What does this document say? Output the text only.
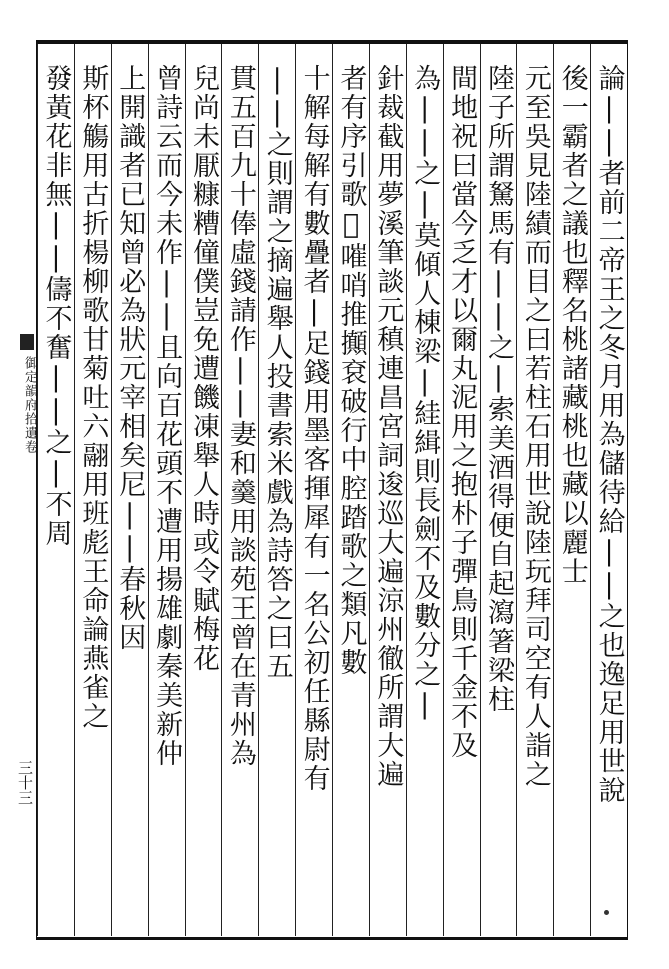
御定韻府拾遺卷
三十三	論||者前二帝王之冬月用為儲待給||之也逸足用世說
後一霸者之議也釋名桃諸藏桃也藏以麗士
元至吳見陸績而目之曰若柱石用世說陸玩拜司空有人詣之
陸子所謂駑馬有||之|索美酒得便自起瀉箸梁柱
間地祝曰當今乏才以爾丸泥用之抱朴子彈鳥則千金不及
為||之|莫傾人棟梁|絓緝則長劍不及數分之|
針裁截用夢溪筆談元稹連昌宮詞逡巡大遍涼州徹所謂大遍
者有序引歌𦤺嗺哨推攧袞破行中腔踏歌之類凡數
十解每解有數疊者|足錢用墨客揮犀有一名公初任縣尉有
||之則謂之摘遍舉人投書索米戲為詩答之曰五
貫五百九十俸虛錢請作||妻和羹用談苑王曾在青州為
兒尚未厭糠糟僮僕豈免遭饑凍舉人時或令賦梅花
曾詩云而今未作||且向百花頭不遭用揚雄劇秦美新仲
上開識者已知曾必為狀元宰相矣尼||春秋因
斯杯觴用古折楊柳歌甘菊吐六翮用班彪王命論燕雀之
發黃花非無||儔不奮||之|不周
